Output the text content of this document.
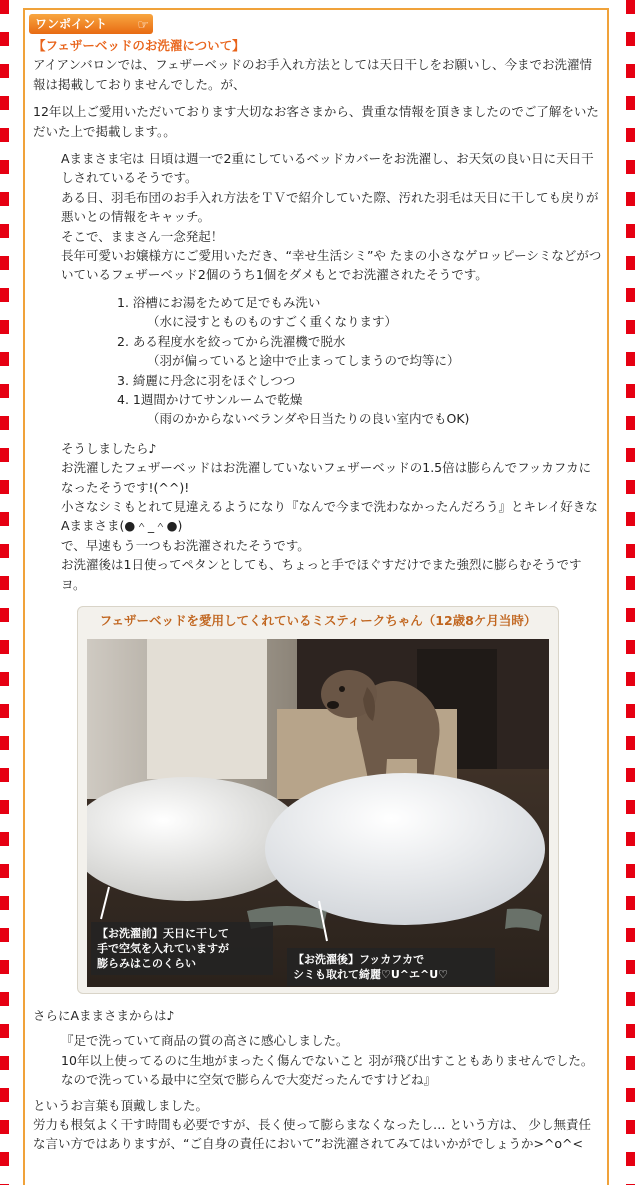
ワンポイント ☞

【フェザーベッドのお洗濯について】

アイアンバロンでは、フェザーベッドのお手入れ方法としては天日干しをお願いし、今までお洗濯情報は掲載しておりませんでした。が、

12年以上ご愛用いただいております大切なお客さまから、貴重な情報を頂きましたのでご了解をいただいた上で掲載します。。

Aままさま宅は 日頃は週一で2重にしているベッドカバーをお洗濯し、お天気の良い日に天日干しされているそうです。

ある日、羽毛布団のお手入れ方法をＴＶで紹介していた際、汚れた羽毛は天日に干しても戻りが悪いとの情報をキャッチ。

そこで、ままさん一念発起！

長年可愛いお嬢様方にご愛用いただき、“幸せ生活シミ”や たまの小さなゲロッピーシミなどがついているフェザーベッド2個のうち1個をダメもとでお洗濯されたそうです。

1. 浴槽にお湯をためて足でもみ洗い

（水に浸すとものものすごく重くなります）

2. ある程度水を絞ってから洗濯機で脱水

（羽が偏っていると途中で止まってしまうので均等に）

3. 綺麗に丹念に羽をほぐしつつ

4. 1週間かけてサンルームで乾燥

（雨のかからないベランダや日当たりの良い室内でもOK)

そうしましたら♪

お洗濯したフェザーベッドはお洗濯していないフェザーベッドの1.5倍は膨らんでフッカフカになったそうです!(^^)!

小さなシミもとれて見違えるようになり『なんで今まで洗わなかったんだろう』とキレイ好きなAままさま(●＾_＾●)

で、早速もう一つもお洗濯されたそうです。

お洗濯後は1日使ってペタンとしても、ちょっと手でほぐすだけでまた強烈に膨らむそうですヨ。

フェザーベッドを愛用してくれているミスティークちゃん（12歳8ケ月当時）
【お洗濯前】天日に干して
手で空気を入れていますが
膨らみはこのくらい	【お洗濯後】フッカフカで
シミも取れて綺麗♡U^エ^U♡

さらにAままさまからは♪

『足で洗っていて商品の質の高さに感心しました。

10年以上使ってるのに生地がまったく傷んでないこと 羽が飛び出すこともありませんでした。

なので洗っている最中に空気で膨らんで大変だったんですけどね』

というお言葉も頂戴しました。

労力も根気よく干す時間も必要ですが、長く使って膨らまなくなったし… という方は、 少し無責任な言い方ではありますが、“ご自身の責任において”お洗濯されてみてはいかがでしょうか>^o^<
